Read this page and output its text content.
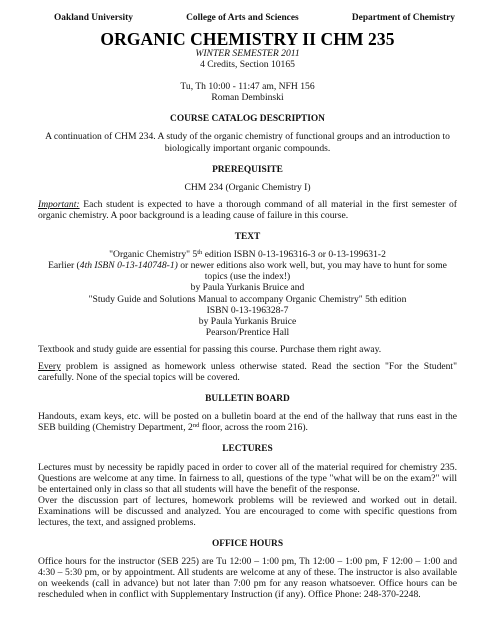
Oakland University	College of Arts and Sciences	Department of Chemistry
ORGANIC CHEMISTRY II CHM 235
WINTER SEMESTER 2011
4 Credits, Section 10165
Tu, Th 10:00 - 11:47 am, NFH 156
Roman Dembinski
COURSE CATALOG DESCRIPTION

A continuation of CHM 234. A study of the organic chemistry of functional groups and an introduction to biologically important organic compounds.

PREREQUISITE

CHM 234 (Organic Chemistry I)

Important: Each student is expected to have a thorough command of all material in the first semester of organic chemistry. A poor background is a leading cause of failure in this course.

TEXT
"Organic Chemistry" 5th edition ISBN 0-13-196316-3 or 0-13-199631-2
Earlier (4th ISBN 0-13-140748-1) or newer editions also work well, but, you may have to hunt for some topics (use the index!)
by Paula Yurkanis Bruice and
"Study Guide and Solutions Manual to accompany Organic Chemistry" 5th edition
ISBN 0-13-196328-7
by Paula Yurkanis Bruice
Pearson/Prentice Hall

Textbook and study guide are essential for passing this course. Purchase them right away.

Every problem is assigned as homework unless otherwise stated. Read the section "For the Student" carefully. None of the special topics will be covered.

BULLETIN BOARD

Handouts, exam keys, etc. will be posted on a bulletin board at the end of the hallway that runs east in the SEB building (Chemistry Department, 2nd floor, across the room 216).

LECTURES

Lectures must by necessity be rapidly paced in order to cover all of the material required for chemistry 235. Questions are welcome at any time. In fairness to all, questions of the type "what will be on the exam?" will be entertained only in class so that all students will have the benefit of the response.

Over the discussion part of lectures, homework problems will be reviewed and worked out in detail. Examinations will be discussed and analyzed. You are encouraged to come with specific questions from lectures, the text, and assigned problems.

OFFICE HOURS

Office hours for the instructor (SEB 225) are Tu 12:00 – 1:00 pm, Th 12:00 – 1:00 pm, F 12:00 – 1:00 and 4:30 – 5:30 pm, or by appointment. All students are welcome at any of these. The instructor is also available on weekends (call in advance) but not later than 7:00 pm for any reason whatsoever. Office hours can be rescheduled when in conflict with Supplementary Instruction (if any). Office Phone: 248-370-2248.
